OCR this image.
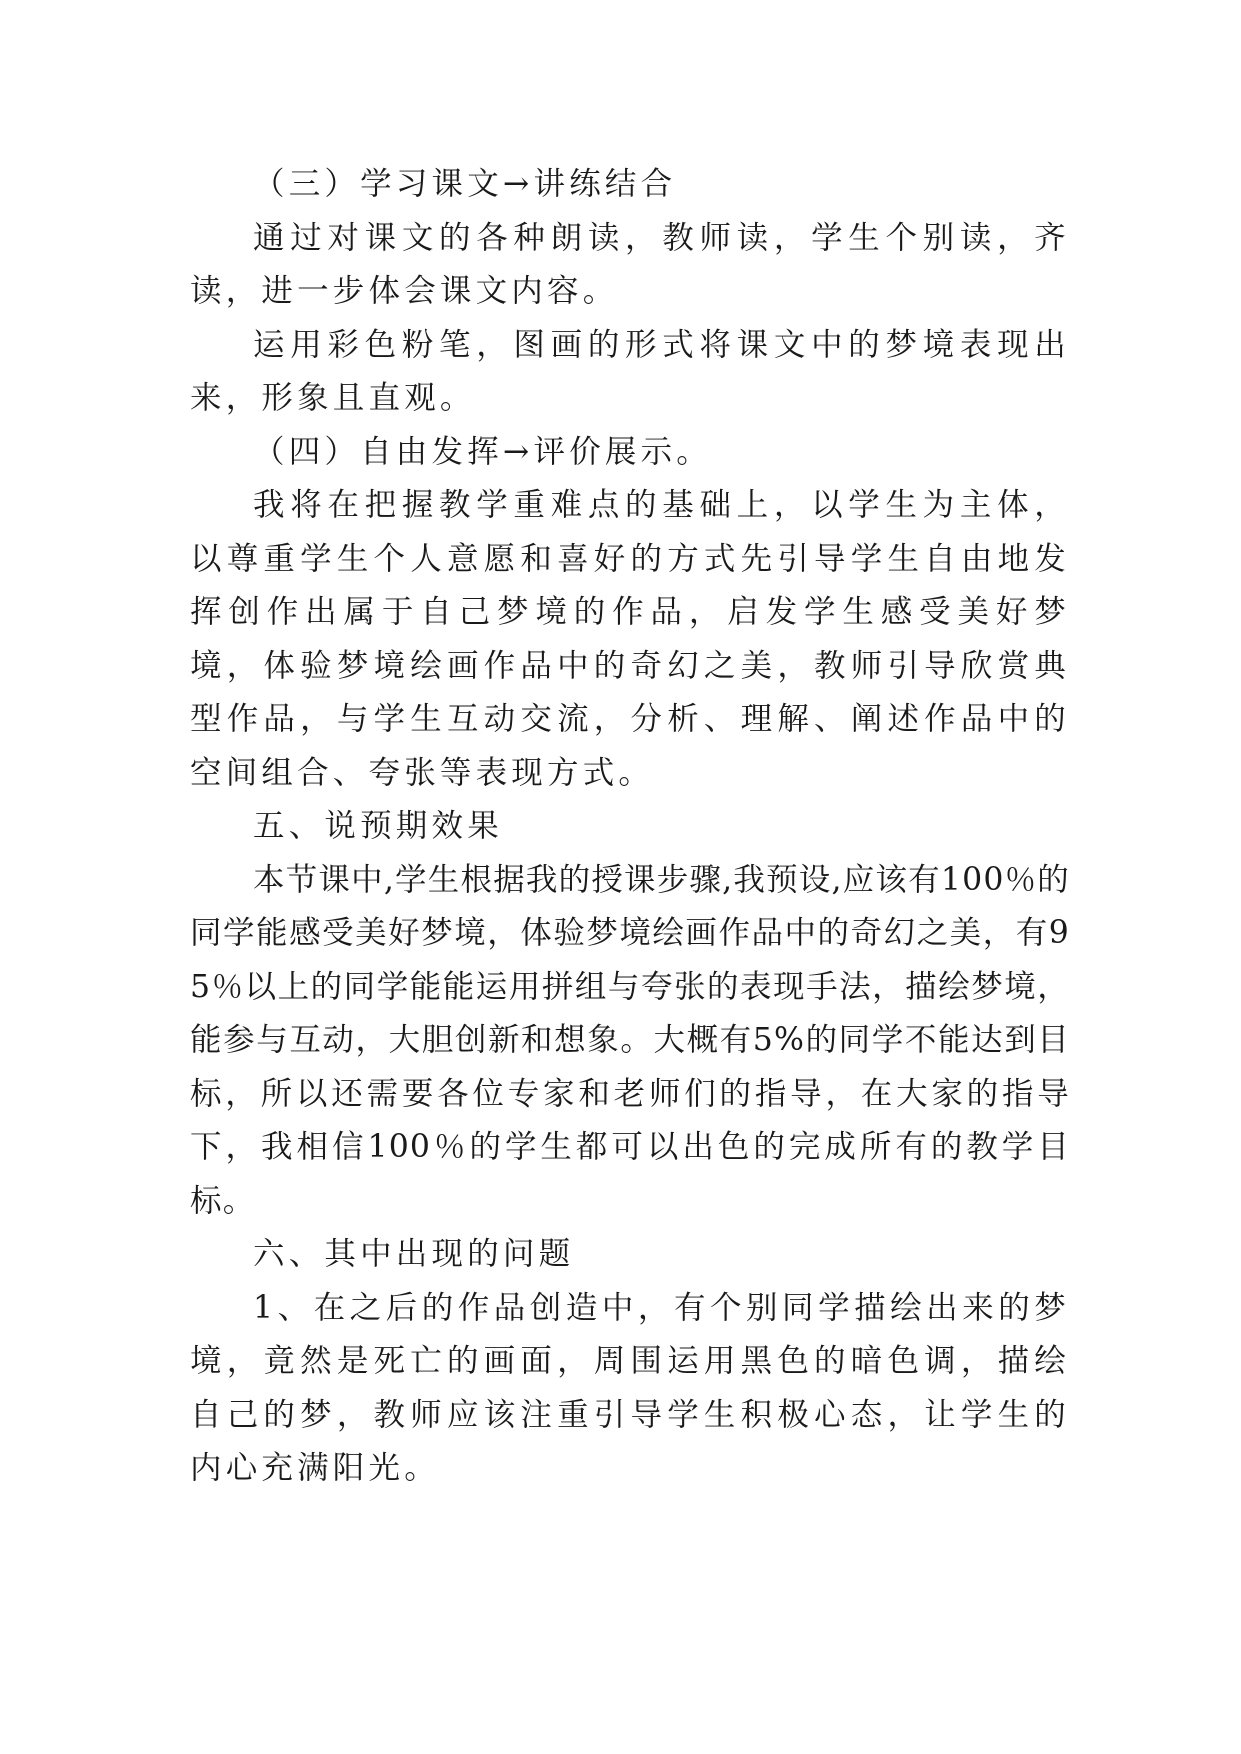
（三）学习课文→讲练结合

通过对课文的各种朗读，教师读，学生个别读，齐读，进一步体会课文内容。

运用彩色粉笔，图画的形式将课文中的梦境表现出来，形象且直观。

（四）自由发挥→评价展示。

我将在把握教学重难点的基础上，以学生为主体，以尊重学生个人意愿和喜好的方式先引导学生自由地发挥创作出属于自己梦境的作品，启发学生感受美好梦境，体验梦境绘画作品中的奇幻之美，教师引导欣赏典型作品，与学生互动交流，分析、理解、阐述作品中的空间组合、夸张等表现方式。

五、说预期效果

本节课中,学生根据我的授课步骤,我预设,应该有100％的同学能感受美好梦境，体验梦境绘画作品中的奇幻之美，有95％以上的同学能能运用拼组与夸张的表现手法，描绘梦境，能参与互动，大胆创新和想象。大概有5%的同学不能达到目标，所以还需要各位专家和老师们的指导，在大家的指导下，我相信100％的学生都可以出色的完成所有的教学目标。

六、其中出现的问题

1、在之后的作品创造中，有个别同学描绘出来的梦境，竟然是死亡的画面，周围运用黑色的暗色调，描绘自己的梦，教师应该注重引导学生积极心态，让学生的内心充满阳光。
